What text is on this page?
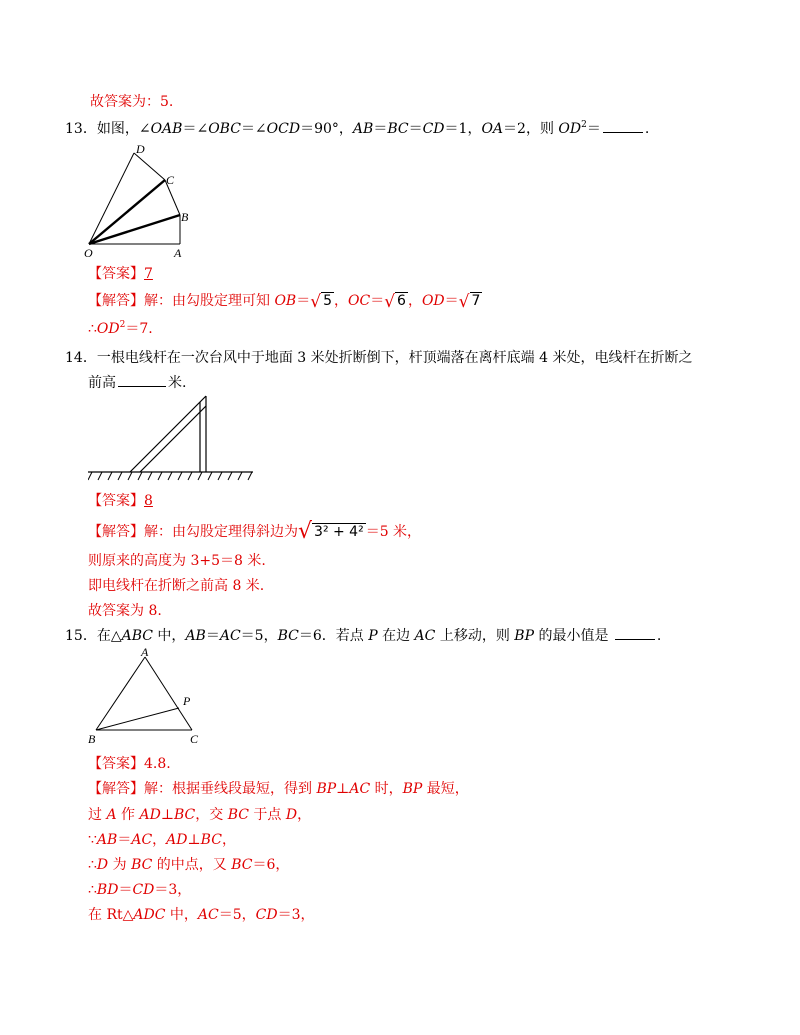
故答案为：5.
13．如图，∠OAB＝∠OBC＝∠OCD＝90°，AB＝BC＝CD＝1，OA＝2，则 $OD^2=$	.
D
C
B
O	A
【答案】7
【解答】解：由勾股定理可知 OB＝√ 5 ，OC＝√ 6 ，OD＝√ 7
$\therefore OD^2=7$.
14．一根电线杆在一次台风中于地面 3 米处折断倒下，杆顶端落在离杆底端 4 米处，电线杆在折断之
前高	米.
【答案】8
【解答】解：由勾股定理得斜边为√ 3² + 4² ＝5 米，
则原来的高度为 3+5＝8 米.
即电线杆在折断之前高 8 米.
故答案为 8.
15．在△ABC 中，AB＝AC＝5，BC＝6．若点 P 在边 AC 上移动，则 BP 的最小值是	.
A
P
B	C
【答案】4.8.
【解答】解：根据垂线段最短，得到 BP⊥AC 时，BP 最短，
过 A 作 AD⊥BC，交 BC 于点 D，
∵AB＝AC，AD⊥BC，
∴D 为 BC 的中点，又 BC＝6，
∴BD＝CD＝3，
在 Rt△ADC 中，AC＝5，CD＝3，
